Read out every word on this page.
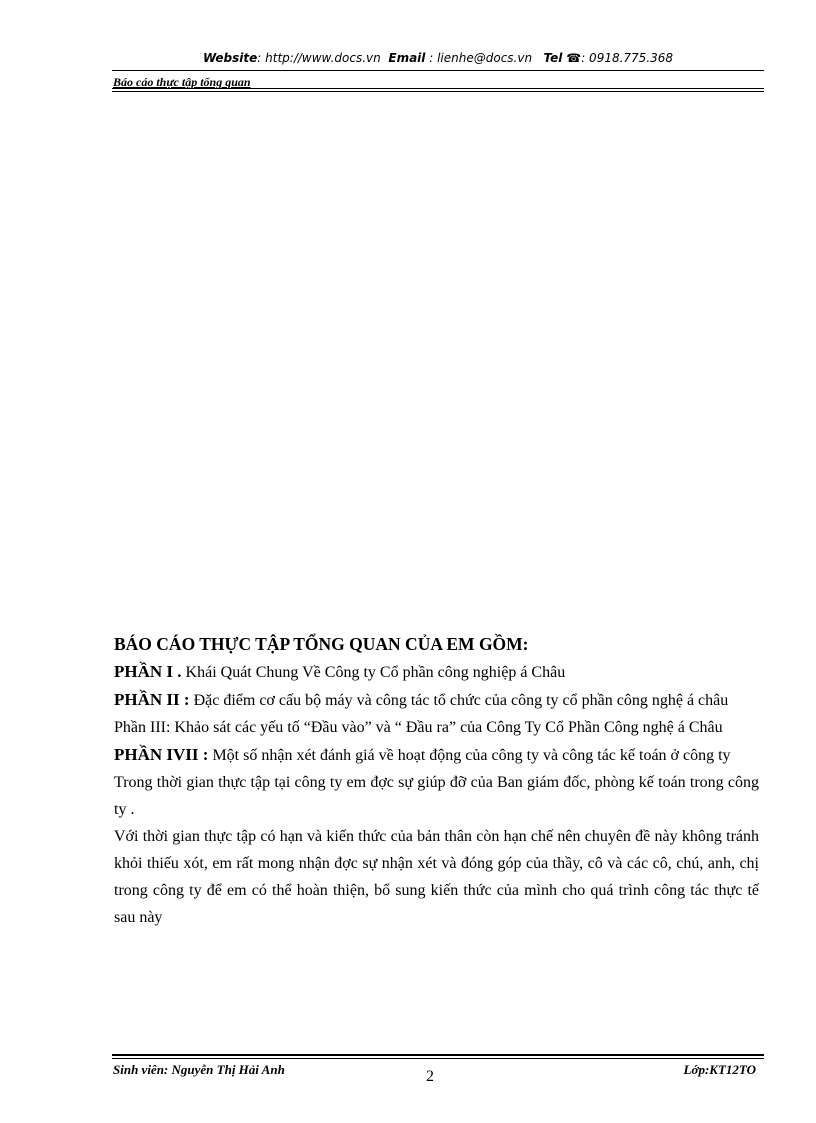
Website: http://www.docs.vn Email : lienhe@docs.vn Tel ☎: 0918.775.368
Báo cáo thực tập tổng quan

BÁO CÁO THỰC TẬP TỔNG QUAN CỦA EM GỒM:

PHẦN I . Khái Quát Chung Về Công ty Cổ phần công nghiệp á Châu

PHẦN II : Đặc điểm cơ cấu bộ máy và công tác tổ chức của công ty cổ phần công nghệ á châu

Phần III: Khảo sát các yếu tố “Đầu vào” và “ Đầu ra” của Công Ty Cổ Phần Công nghệ á Châu

PHẦN IVII : Một số nhận xét đánh giá về hoạt động của công ty và công tác kế toán ở công ty

Trong thời gian thực tập tại công ty em đợc sự giúp đỡ của Ban giám đốc, phòng kế toán trong công ty .

Với thời gian thực tập có hạn và kiến thức của bản thân còn hạn chế nên chuyên đề này không tránh khỏi thiếu xót, em rất mong nhận đợc sự nhận xét và đóng góp của thầy, cô và các cô, chú, anh, chị trong công ty để em có thể hoàn thiện, bổ sung kiến thức của mình cho quá trình công tác thực tế sau này

Sinh viên: Nguyễn Thị Hải Anh	Lớp:KT12TO
2
